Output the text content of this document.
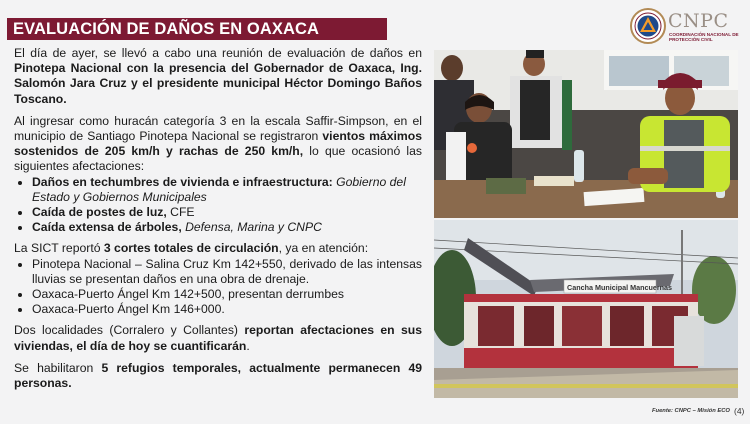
EVALUACIÓN DE DAÑOS EN OAXACA	CNPC
COORDINACIÓN NACIONAL DE PROTECCIÓN CIVIL

El día de ayer, se llevó a cabo una reunión de evaluación de daños en Pinotepa Nacional con la presencia del Gobernador de Oaxaca, Ing. Salomón Jara Cruz y el presidente municipal Héctor Domingo Baños Toscano.

Al ingresar como huracán categoría 3 en la escala Saffir-Simpson, en el municipio de Santiago Pinotepa Nacional se registraron vientos máximos sostenidos de 205 km/h y rachas de 250 km/h, lo que ocasionó las siguientes afectaciones:

• Daños en techumbres de vivienda e infraestructura: Gobierno del Estado y Gobiernos Municipales
• Caída de postes de luz, CFE
• Caída extensa de árboles, Defensa, Marina y CNPC

La SICT reportó 3 cortes totales de circulación, ya en atención:

• Pinotepa Nacional – Salina Cruz Km 142+550, derivado de las intensas lluvias se presentan daños en una obra de drenaje.
• Oaxaca-Puerto Ángel Km 142+500, presentan derrumbes
• Oaxaca-Puerto Ángel Km 146+000.

Dos localidades (Corralero y Collantes) reportan afectaciones en sus viviendas, el día de hoy se cuantificarán.

Se habilitaron 5 refugios temporales, actualmente permanecen 49 personas.

Cancha Municipal Mancuernas
Fuente: CNPC – Misión ECO (4)
